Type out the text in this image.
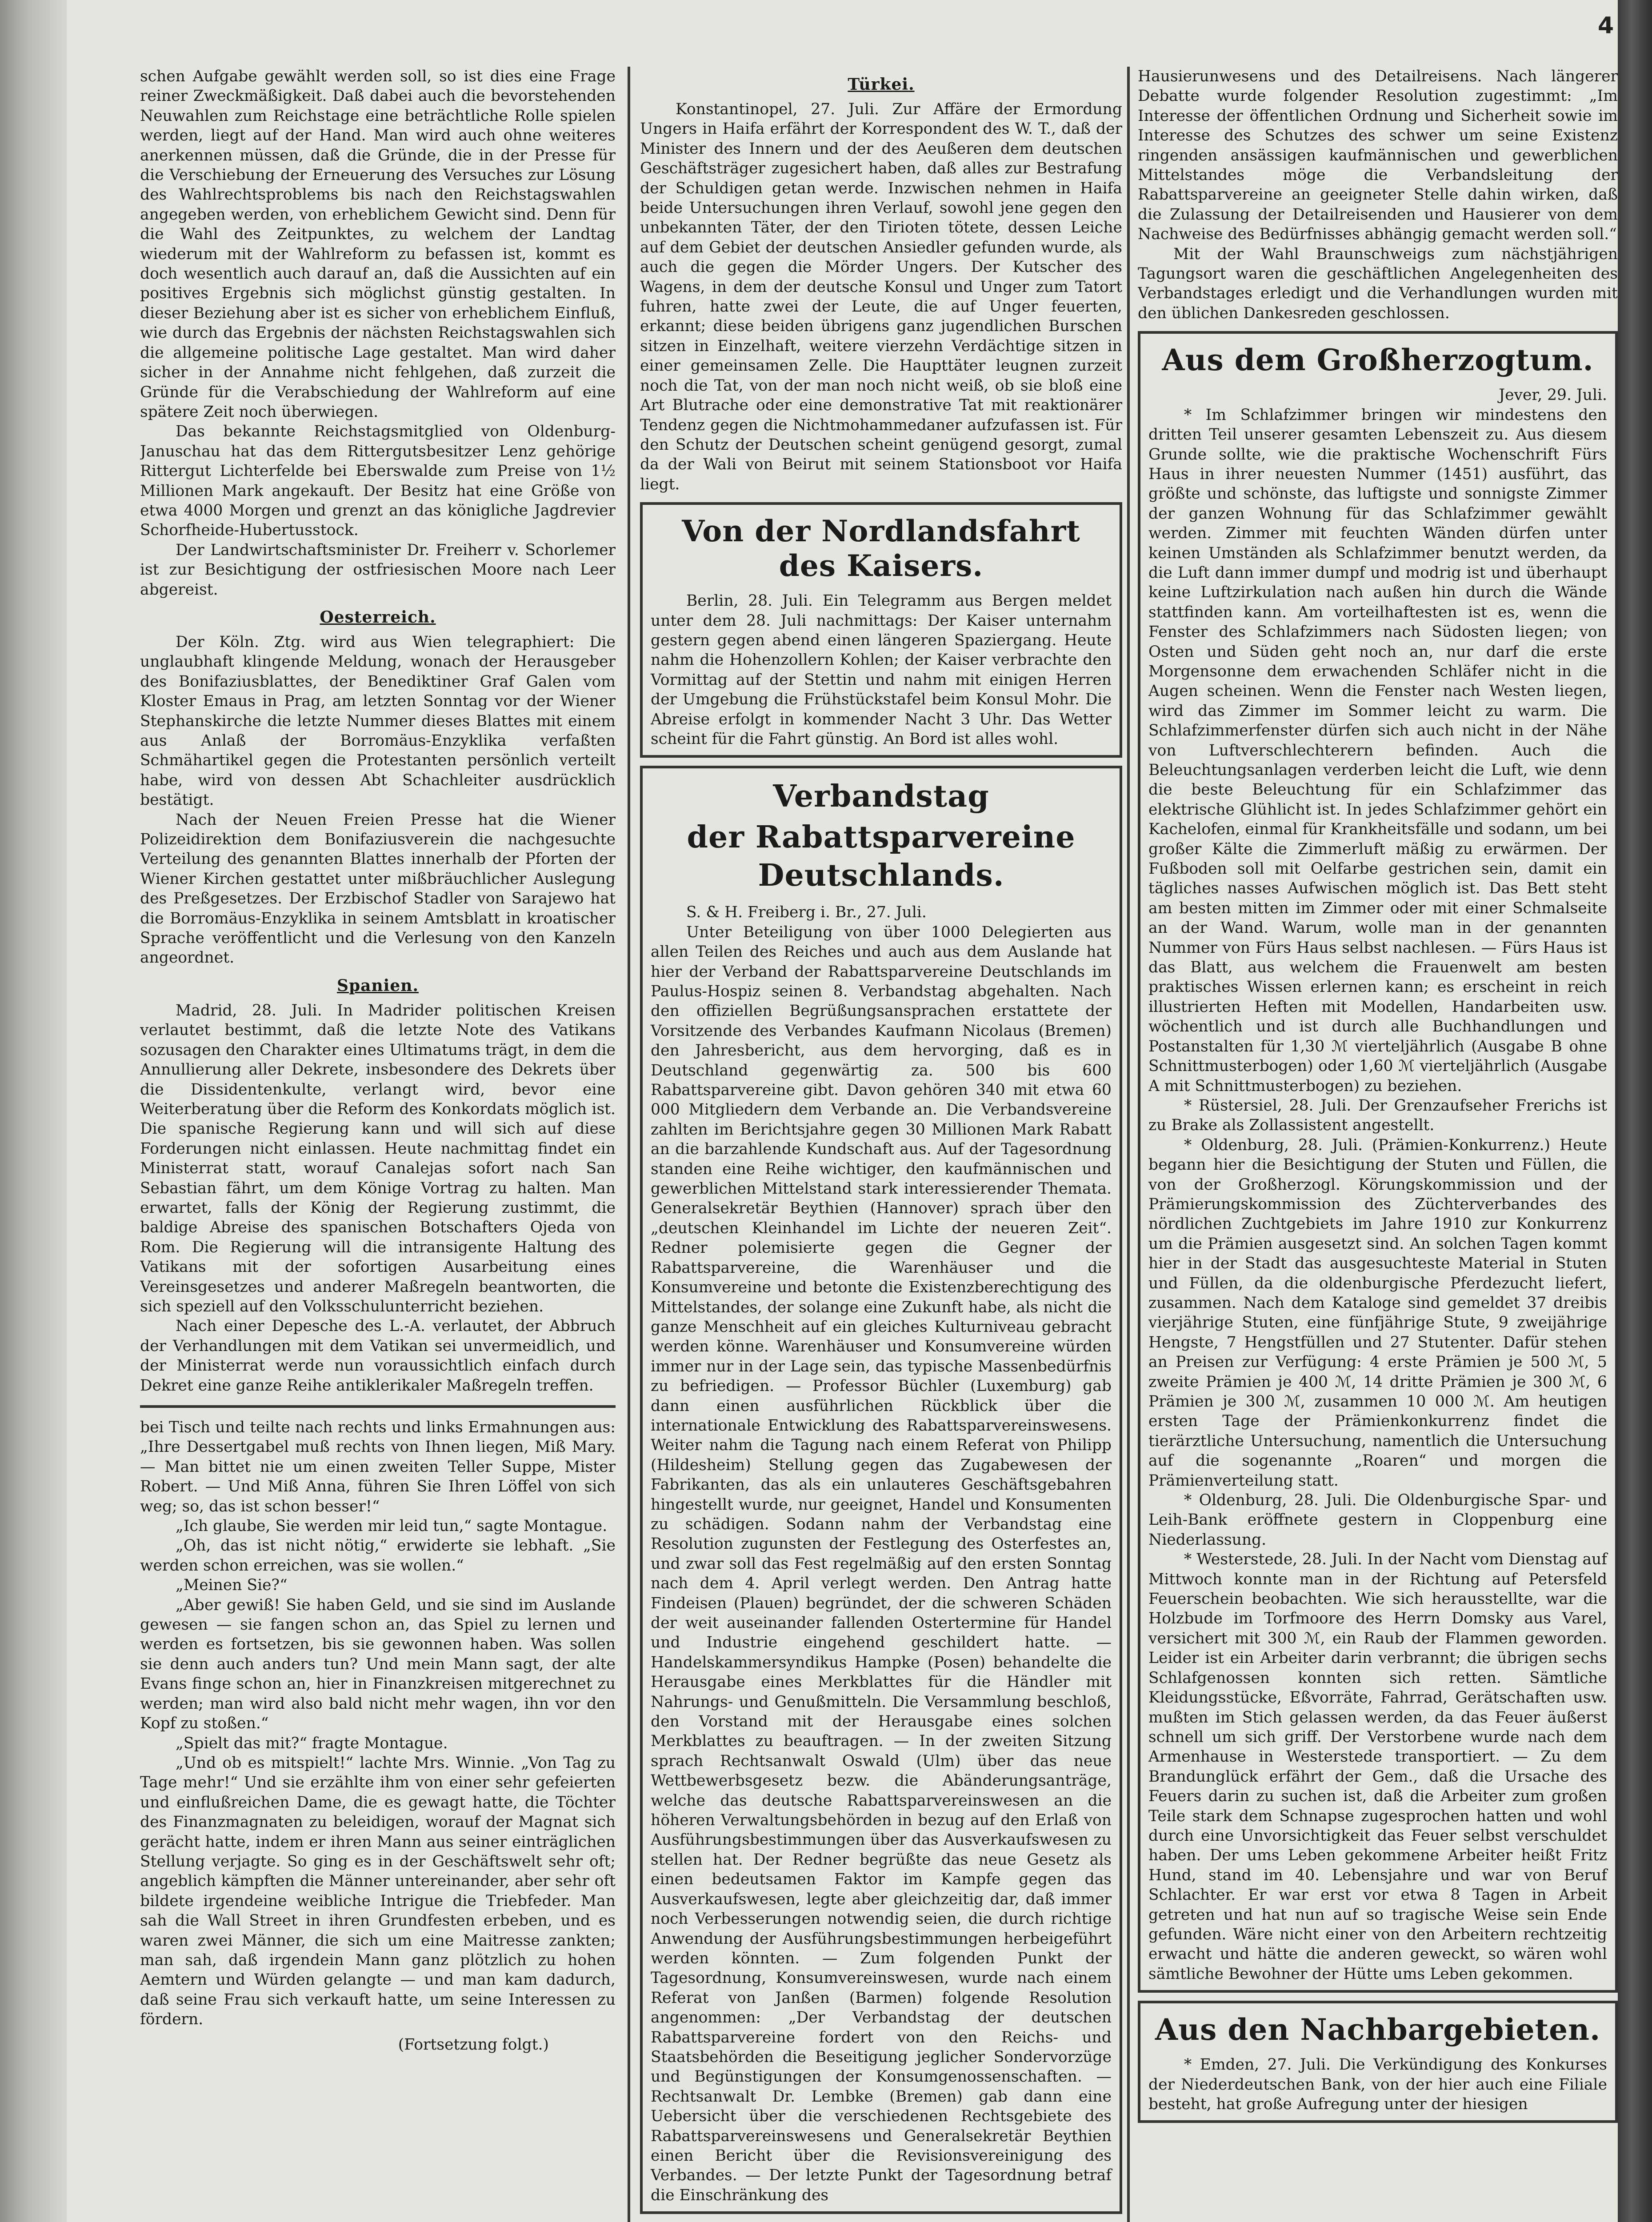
4

schen Aufgabe gewählt werden soll, so ist dies eine Frage reiner Zweckmäßigkeit. Daß dabei auch die bevorstehenden Neuwahlen zum Reichstage eine beträchtliche Rolle spielen werden, liegt auf der Hand. Man wird auch ohne weiteres anerkennen müssen, daß die Gründe, die in der Presse für die Verschiebung der Erneuerung des Versuches zur Lösung des Wahlrechtsproblems bis nach den Reichstagswahlen angegeben werden, von erheblichem Gewicht sind. Denn für die Wahl des Zeitpunktes, zu welchem der Landtag wiederum mit der Wahlreform zu befassen ist, kommt es doch wesentlich auch darauf an, daß die Aussichten auf ein positives Ergebnis sich möglichst günstig gestalten. In dieser Beziehung aber ist es sicher von erheblichem Einfluß, wie durch das Ergebnis der nächsten Reichstagswahlen sich die allgemeine politische Lage gestaltet. Man wird daher sicher in der Annahme nicht fehlgehen, daß zurzeit die Gründe für die Verabschiedung der Wahlreform auf eine spätere Zeit noch überwiegen.

Das bekannte Reichstagsmitglied von Oldenburg-Januschau hat das dem Rittergutsbesitzer Lenz gehörige Rittergut Lichterfelde bei Eberswalde zum Preise von 1½ Millionen Mark angekauft. Der Besitz hat eine Größe von etwa 4000 Morgen und grenzt an das königliche Jagdrevier Schorfheide-Hubertusstock.

Der Landwirtschaftsminister Dr. Freiherr v. Schorlemer ist zur Besichtigung der ostfriesischen Moore nach Leer abgereist.

Oesterreich.

Der Köln. Ztg. wird aus Wien telegraphiert: Die unglaubhaft klingende Meldung, wonach der Herausgeber des Bonifaziusblattes, der Benediktiner Graf Galen vom Kloster Emaus in Prag, am letzten Sonntag vor der Wiener Stephanskirche die letzte Nummer dieses Blattes mit einem aus Anlaß der Borromäus-Enzyklika verfaßten Schmähartikel gegen die Protestanten persönlich verteilt habe, wird von dessen Abt Schachleiter ausdrücklich bestätigt.

Nach der Neuen Freien Presse hat die Wiener Polizeidirektion dem Bonifaziusverein die nachgesuchte Verteilung des genannten Blattes innerhalb der Pforten der Wiener Kirchen gestattet unter mißbräuchlicher Auslegung des Preßgesetzes. Der Erzbischof Stadler von Sarajewo hat die Borromäus-Enzyklika in seinem Amtsblatt in kroatischer Sprache veröffentlicht und die Verlesung von den Kanzeln angeordnet.

Spanien.

Madrid, 28. Juli. In Madrider politischen Kreisen verlautet bestimmt, daß die letzte Note des Vatikans sozusagen den Charakter eines Ultimatums trägt, in dem die Annullierung aller Dekrete, insbesondere des Dekrets über die Dissidentenkulte, verlangt wird, bevor eine Weiterberatung über die Reform des Konkordats möglich ist. Die spanische Regierung kann und will sich auf diese Forderungen nicht einlassen. Heute nachmittag findet ein Ministerrat statt, worauf Canalejas sofort nach San Sebastian fährt, um dem Könige Vortrag zu halten. Man erwartet, falls der König der Regierung zustimmt, die baldige Abreise des spanischen Botschafters Ojeda von Rom. Die Regierung will die intransigente Haltung des Vatikans mit der sofortigen Ausarbeitung eines Vereinsgesetzes und anderer Maßregeln beantworten, die sich speziell auf den Volksschulunterricht beziehen.

Nach einer Depesche des L.-A. verlautet, der Abbruch der Verhandlungen mit dem Vatikan sei unvermeidlich, und der Ministerrat werde nun voraussichtlich einfach durch Dekret eine ganze Reihe antiklerikaler Maßregeln treffen.

bei Tisch und teilte nach rechts und links Ermahnungen aus: „Ihre Dessertgabel muß rechts von Ihnen liegen, Miß Mary. — Man bittet nie um einen zweiten Teller Suppe, Mister Robert. — Und Miß Anna, führen Sie Ihren Löffel von sich weg; so, das ist schon besser!“

„Ich glaube, Sie werden mir leid tun,“ sagte Montague.

„Oh, das ist nicht nötig,“ erwiderte sie lebhaft. „Sie werden schon erreichen, was sie wollen.“

„Meinen Sie?“

„Aber gewiß! Sie haben Geld, und sie sind im Auslande gewesen — sie fangen schon an, das Spiel zu lernen und werden es fortsetzen, bis sie gewonnen haben. Was sollen sie denn auch anders tun? Und mein Mann sagt, der alte Evans finge schon an, hier in Finanzkreisen mitgerechnet zu werden; man wird also bald nicht mehr wagen, ihn vor den Kopf zu stoßen.“

„Spielt das mit?“ fragte Montague.

„Und ob es mitspielt!“ lachte Mrs. Winnie. „Von Tag zu Tage mehr!“ Und sie erzählte ihm von einer sehr gefeierten und einflußreichen Dame, die es gewagt hatte, die Töchter des Finanzmagnaten zu beleidigen, worauf der Magnat sich gerächt hatte, indem er ihren Mann aus seiner einträglichen Stellung verjagte. So ging es in der Geschäftswelt sehr oft; angeblich kämpften die Männer untereinander, aber sehr oft bildete irgendeine weibliche Intrigue die Triebfeder. Man sah die Wall Street in ihren Grundfesten erbeben, und es waren zwei Männer, die sich um eine Maitresse zankten; man sah, daß irgendein Mann ganz plötzlich zu hohen Aemtern und Würden gelangte — und man kam dadurch, daß seine Frau sich verkauft hatte, um seine Interessen zu fördern.

(Fortsetzung folgt.)
Türkei.

Konstantinopel, 27. Juli. Zur Affäre der Ermordung Ungers in Haifa erfährt der Korrespondent des W. T., daß der Minister des Innern und der des Aeußeren dem deutschen Geschäftsträger zugesichert haben, daß alles zur Bestrafung der Schuldigen getan werde. Inzwischen nehmen in Haifa beide Untersuchungen ihren Verlauf, sowohl jene gegen den unbekannten Täter, der den Tirioten tötete, dessen Leiche auf dem Gebiet der deutschen Ansiedler gefunden wurde, als auch die gegen die Mörder Ungers. Der Kutscher des Wagens, in dem der deutsche Konsul und Unger zum Tatort fuhren, hatte zwei der Leute, die auf Unger feuerten, erkannt; diese beiden übrigens ganz jugendlichen Burschen sitzen in Einzelhaft, weitere vierzehn Verdächtige sitzen in einer gemeinsamen Zelle. Die Haupttäter leugnen zurzeit noch die Tat, von der man noch nicht weiß, ob sie bloß eine Art Blutrache oder eine demonstrative Tat mit reaktionärer Tendenz gegen die Nichtmohammedaner aufzufassen ist. Für den Schutz der Deutschen scheint genügend gesorgt, zumal da der Wali von Beirut mit seinem Stationsboot vor Haifa liegt.

Von der Nordlandsfahrt des Kaisers.

Berlin, 28. Juli. Ein Telegramm aus Bergen meldet unter dem 28. Juli nachmittags: Der Kaiser unternahm gestern gegen abend einen längeren Spaziergang. Heute nahm die Hohenzollern Kohlen; der Kaiser verbrachte den Vormittag auf der Stettin und nahm mit einigen Herren der Umgebung die Frühstückstafel beim Konsul Mohr. Die Abreise erfolgt in kommender Nacht 3 Uhr. Das Wetter scheint für die Fahrt günstig. An Bord ist alles wohl.

Verbandstag
der Rabattsparvereine Deutschlands.

S. & H. Freiberg i. Br., 27. Juli.

Unter Beteiligung von über 1000 Delegierten aus allen Teilen des Reiches und auch aus dem Auslande hat hier der Verband der Rabattsparvereine Deutschlands im Paulus-Hospiz seinen 8. Verbandstag abgehalten. Nach den offiziellen Begrüßungsansprachen erstattete der Vorsitzende des Verbandes Kaufmann Nicolaus (Bremen) den Jahresbericht, aus dem hervorging, daß es in Deutschland gegenwärtig za. 500 bis 600 Rabattsparvereine gibt. Davon gehören 340 mit etwa 60 000 Mitgliedern dem Verbande an. Die Verbandsvereine zahlten im Berichtsjahre gegen 30 Millionen Mark Rabatt an die barzahlende Kundschaft aus. Auf der Tagesordnung standen eine Reihe wichtiger, den kaufmännischen und gewerblichen Mittelstand stark interessierender Themata. Generalsekretär Beythien (Hannover) sprach über den „deutschen Kleinhandel im Lichte der neueren Zeit“. Redner polemisierte gegen die Gegner der Rabattsparvereine, die Warenhäuser und die Konsumvereine und betonte die Existenzberechtigung des Mittelstandes, der solange eine Zukunft habe, als nicht die ganze Menschheit auf ein gleiches Kulturniveau gebracht werden könne. Warenhäuser und Konsumvereine würden immer nur in der Lage sein, das typische Massenbedürfnis zu befriedigen. — Professor Büchler (Luxemburg) gab dann einen ausführlichen Rückblick über die internationale Entwicklung des Rabattsparvereinswesens. Weiter nahm die Tagung nach einem Referat von Philipp (Hildesheim) Stellung gegen das Zugabewesen der Fabrikanten, das als ein unlauteres Geschäftsgebahren hingestellt wurde, nur geeignet, Handel und Konsumenten zu schädigen. Sodann nahm der Verbandstag eine Resolution zugunsten der Festlegung des Osterfestes an, und zwar soll das Fest regelmäßig auf den ersten Sonntag nach dem 4. April verlegt werden. Den Antrag hatte Findeisen (Plauen) begründet, der die schweren Schäden der weit auseinander fallenden Ostertermine für Handel und Industrie eingehend geschildert hatte. — Handelskammersyndikus Hampke (Posen) behandelte die Herausgabe eines Merkblattes für die Händler mit Nahrungs- und Genußmitteln. Die Versammlung beschloß, den Vorstand mit der Herausgabe eines solchen Merkblattes zu beauftragen. — In der zweiten Sitzung sprach Rechtsanwalt Oswald (Ulm) über das neue Wettbewerbsgesetz bezw. die Abänderungsanträge, welche das deutsche Rabattsparvereinswesen an die höheren Verwaltungsbehörden in bezug auf den Erlaß von Ausführungsbestimmungen über das Ausverkaufswesen zu stellen hat. Der Redner begrüßte das neue Gesetz als einen bedeutsamen Faktor im Kampfe gegen das Ausverkaufswesen, legte aber gleichzeitig dar, daß immer noch Verbesserungen notwendig seien, die durch richtige Anwendung der Ausführungsbestimmungen herbeigeführt werden könnten. — Zum folgenden Punkt der Tagesordnung, Konsumvereinswesen, wurde nach einem Referat von Janßen (Barmen) folgende Resolution angenommen: „Der Verbandstag der deutschen Rabattsparvereine fordert von den Reichs- und Staatsbehörden die Beseitigung jeglicher Sondervorzüge und Begünstigungen der Konsumgenossenschaften. — Rechtsanwalt Dr. Lembke (Bremen) gab dann eine Uebersicht über die verschiedenen Rechtsgebiete des Rabattsparvereinswesens und Generalsekretär Beythien einen Bericht über die Revisionsvereinigung des Verbandes. — Der letzte Punkt der Tagesordnung betraf die Einschränkung des

Hausierunwesens und des Detailreisens. Nach längerer Debatte wurde folgender Resolution zugestimmt: „Im Interesse der öffentlichen Ordnung und Sicherheit sowie im Interesse des Schutzes des schwer um seine Existenz ringenden ansässigen kaufmännischen und gewerblichen Mittelstandes möge die Verbandsleitung der Rabattsparvereine an geeigneter Stelle dahin wirken, daß die Zulassung der Detailreisenden und Hausierer von dem Nachweise des Bedürfnisses abhängig gemacht werden soll.“

Mit der Wahl Braunschweigs zum nächstjährigen Tagungsort waren die geschäftlichen Angelegenheiten des Verbandstages erledigt und die Verhandlungen wurden mit den üblichen Dankesreden geschlossen.

Aus dem Großherzogtum.
Jever, 29. Juli.

* Im Schlafzimmer bringen wir mindestens den dritten Teil unserer gesamten Lebenszeit zu. Aus diesem Grunde sollte, wie die praktische Wochenschrift Fürs Haus in ihrer neuesten Nummer (1451) ausführt, das größte und schönste, das luftigste und sonnigste Zimmer der ganzen Wohnung für das Schlafzimmer gewählt werden. Zimmer mit feuchten Wänden dürfen unter keinen Umständen als Schlafzimmer benutzt werden, da die Luft dann immer dumpf und modrig ist und überhaupt keine Luftzirkulation nach außen hin durch die Wände stattfinden kann. Am vorteilhaftesten ist es, wenn die Fenster des Schlafzimmers nach Südosten liegen; von Osten und Süden geht noch an, nur darf die erste Morgensonne dem erwachenden Schläfer nicht in die Augen scheinen. Wenn die Fenster nach Westen liegen, wird das Zimmer im Sommer leicht zu warm. Die Schlafzimmerfenster dürfen sich auch nicht in der Nähe von Luftverschlechterern befinden. Auch die Beleuchtungsanlagen verderben leicht die Luft, wie denn die beste Beleuchtung für ein Schlafzimmer das elektrische Glühlicht ist. In jedes Schlafzimmer gehört ein Kachelofen, einmal für Krankheitsfälle und sodann, um bei großer Kälte die Zimmerluft mäßig zu erwärmen. Der Fußboden soll mit Oelfarbe gestrichen sein, damit ein tägliches nasses Aufwischen möglich ist. Das Bett steht am besten mitten im Zimmer oder mit einer Schmalseite an der Wand. Warum, wolle man in der genannten Nummer von Fürs Haus selbst nachlesen. — Fürs Haus ist das Blatt, aus welchem die Frauenwelt am besten praktisches Wissen erlernen kann; es erscheint in reich illustrierten Heften mit Modellen, Handarbeiten usw. wöchentlich und ist durch alle Buchhandlungen und Postanstalten für 1,30 ℳ vierteljährlich (Ausgabe B ohne Schnittmusterbogen) oder 1,60 ℳ vierteljährlich (Ausgabe A mit Schnittmusterbogen) zu beziehen.

* Rüstersiel, 28. Juli. Der Grenzaufseher Frerichs ist zu Brake als Zollassistent angestellt.

* Oldenburg, 28. Juli. (Prämien-Konkurrenz.) Heute begann hier die Besichtigung der Stuten und Füllen, die von der Großherzogl. Körungskommission und der Prämierungskommission des Züchterverbandes des nördlichen Zuchtgebiets im Jahre 1910 zur Konkurrenz um die Prämien ausgesetzt sind. An solchen Tagen kommt hier in der Stadt das ausgesuchteste Material in Stuten und Füllen, da die oldenburgische Pferdezucht liefert, zusammen. Nach dem Kataloge sind gemeldet 37 dreibis vierjährige Stuten, eine fünfjährige Stute, 9 zweijährige Hengste, 7 Hengstfüllen und 27 Stutenter. Dafür stehen an Preisen zur Verfügung: 4 erste Prämien je 500 ℳ, 5 zweite Prämien je 400 ℳ, 14 dritte Prämien je 300 ℳ, 6 Prämien je 300 ℳ, zusammen 10 000 ℳ. Am heutigen ersten Tage der Prämienkonkurrenz findet die tierärztliche Untersuchung, namentlich die Untersuchung auf die sogenannte „Roaren“ und morgen die Prämienverteilung statt.

* Oldenburg, 28. Juli. Die Oldenburgische Spar- und Leih-Bank eröffnete gestern in Cloppenburg eine Niederlassung.

* Westerstede, 28. Juli. In der Nacht vom Dienstag auf Mittwoch konnte man in der Richtung auf Petersfeld Feuerschein beobachten. Wie sich herausstellte, war die Holzbude im Torfmoore des Herrn Domsky aus Varel, versichert mit 300 ℳ, ein Raub der Flammen geworden. Leider ist ein Arbeiter darin verbrannt; die übrigen sechs Schlafgenossen konnten sich retten. Sämtliche Kleidungsstücke, Eßvorräte, Fahrrad, Gerätschaften usw. mußten im Stich gelassen werden, da das Feuer äußerst schnell um sich griff. Der Verstorbene wurde nach dem Armenhause in Westerstede transportiert. — Zu dem Brandunglück erfährt der Gem., daß die Ursache des Feuers darin zu suchen ist, daß die Arbeiter zum großen Teile stark dem Schnapse zugesprochen hatten und wohl durch eine Unvorsichtigkeit das Feuer selbst verschuldet haben. Der ums Leben gekommene Arbeiter heißt Fritz Hund, stand im 40. Lebensjahre und war von Beruf Schlachter. Er war erst vor etwa 8 Tagen in Arbeit getreten und hat nun auf so tragische Weise sein Ende gefunden. Wäre nicht einer von den Arbeitern rechtzeitig erwacht und hätte die anderen geweckt, so wären wohl sämtliche Bewohner der Hütte ums Leben gekommen.

Aus den Nachbargebieten.

* Emden, 27. Juli. Die Verkündigung des Konkurses der Niederdeutschen Bank, von der hier auch eine Filiale besteht, hat große Aufregung unter der hiesigen
